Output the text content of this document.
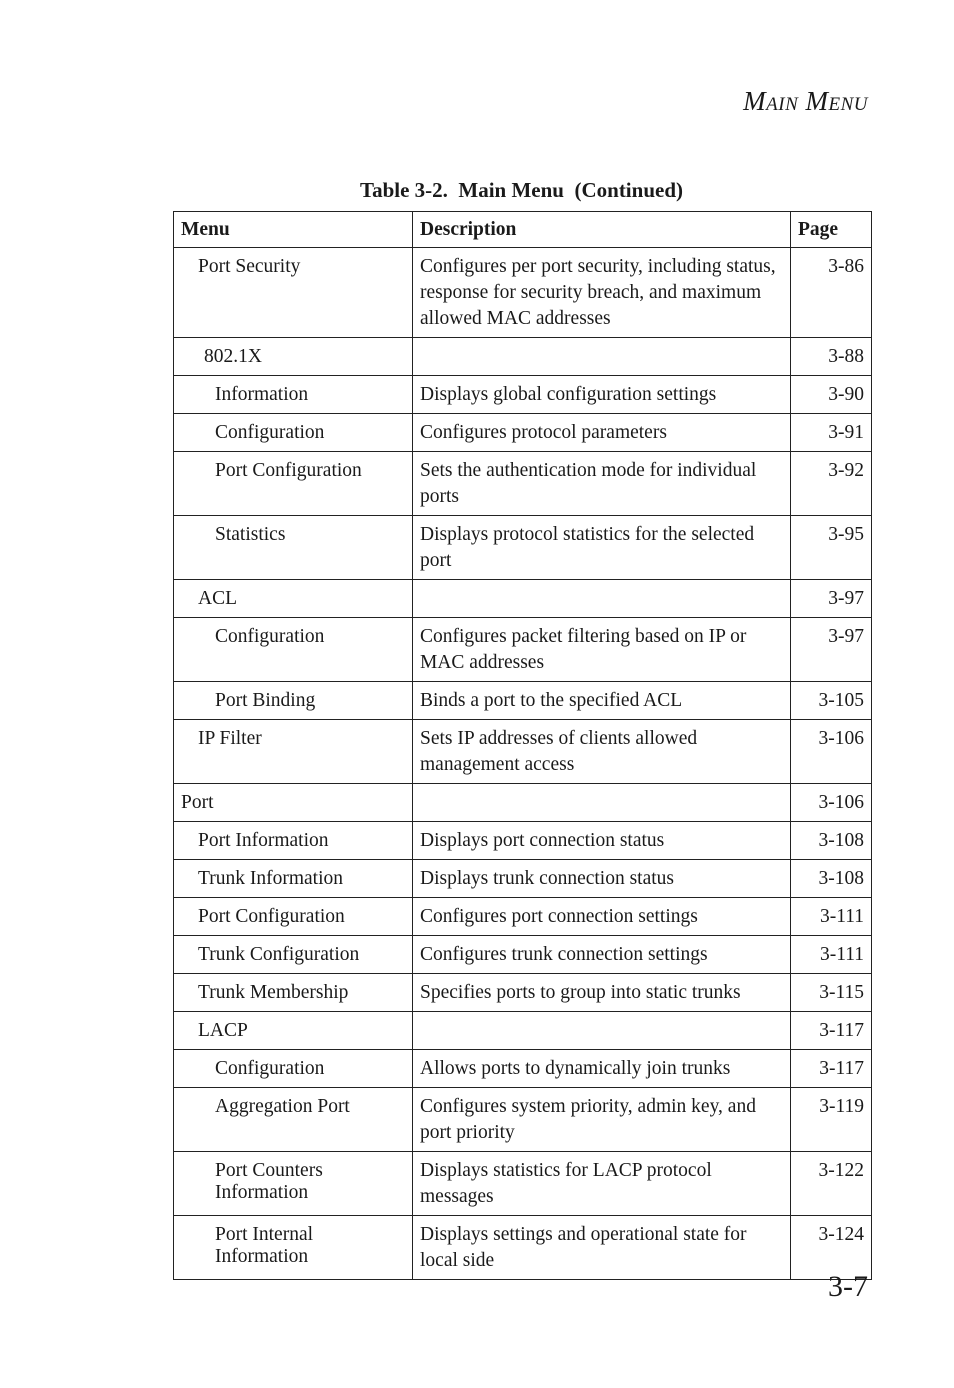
Main Menu
Table 3-2.  Main Menu  (Continued)
Menu	Description	Page
Port Security	Configures per port security, including status, response for security breach, and maximum allowed MAC addresses	3-86
802.1X		3-88
Information	Displays global configuration settings	3-90
Configuration	Configures protocol parameters	3-91
Port Configuration	Sets the authentication mode for individual ports	3-92
Statistics	Displays protocol statistics for the selected port	3-95
ACL		3-97
Configuration	Configures packet filtering based on IP or MAC addresses	3-97
Port Binding	Binds a port to the specified ACL	3-105
IP Filter	Sets IP addresses of clients allowed management access	3-106
Port		3-106
Port Information	Displays port connection status	3-108
Trunk Information	Displays trunk connection status	3-108
Port Configuration	Configures port connection settings	3-111
Trunk Configuration	Configures trunk connection settings	3-111
Trunk Membership	Specifies ports to group into static trunks	3-115
LACP		3-117
Configuration	Allows ports to dynamically join trunks	3-117
Aggregation Port	Configures system priority, admin key, and port priority	3-119
Port Counters Information	Displays statistics for LACP protocol messages	3-122
Port Internal Information	Displays settings and operational state for local side	3-124
3-7
